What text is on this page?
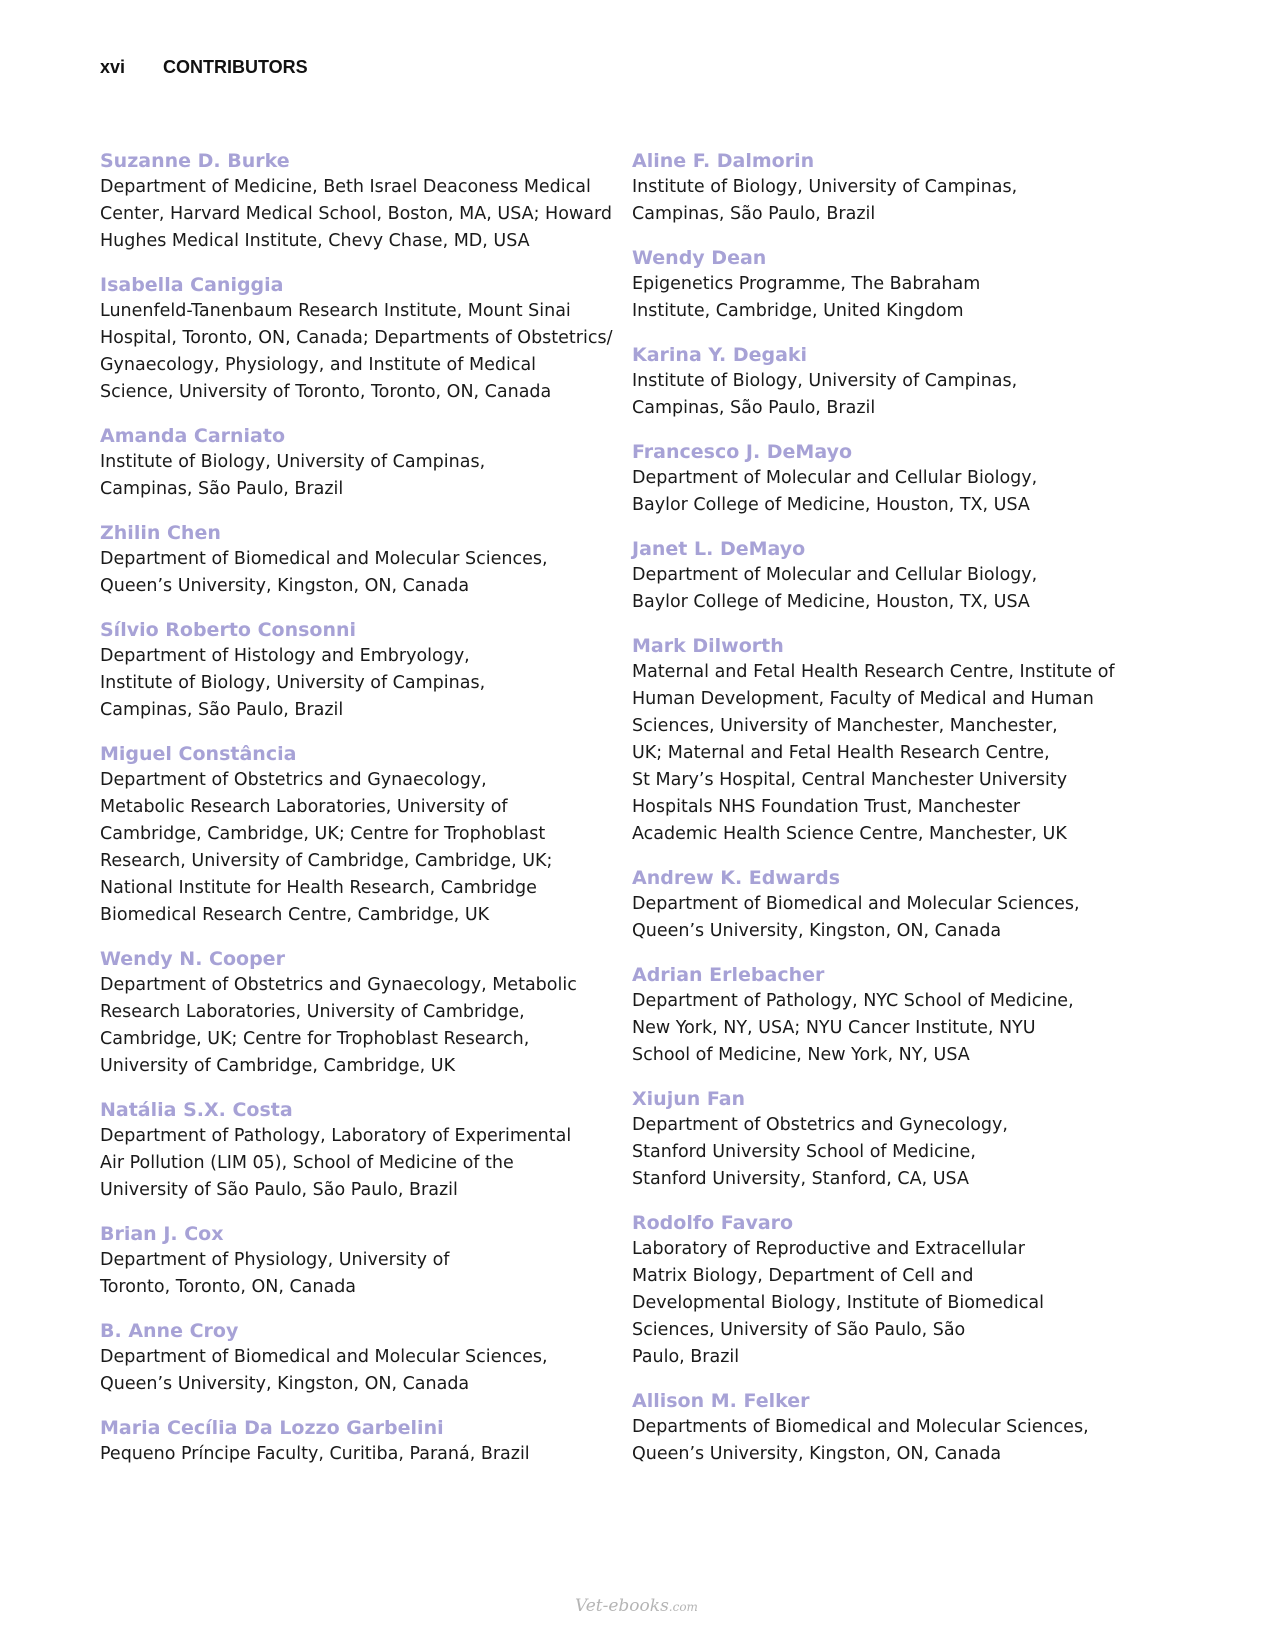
xvi CONTRIBUTORS
Suzanne D. Burke
Department of Medicine, Beth Israel Deaconess Medical
Center, Harvard Medical School, Boston, MA, USA; Howard
Hughes Medical Institute, Chevy Chase, MD, USA
Isabella Caniggia
Lunenfeld-Tanenbaum Research Institute, Mount Sinai
Hospital, Toronto, ON, Canada; Departments of Obstetrics/
Gynaecology, Physiology, and Institute of Medical
Science, University of Toronto, Toronto, ON, Canada
Amanda Carniato
Institute of Biology, University of Campinas,
Campinas, São Paulo, Brazil
Zhilin Chen
Department of Biomedical and Molecular Sciences,
Queen’s University, Kingston, ON, Canada
Sílvio Roberto Consonni
Department of Histology and Embryology,
Institute of Biology, University of Campinas,
Campinas, São Paulo, Brazil
Miguel Constância
Department of Obstetrics and Gynaecology,
Metabolic Research Laboratories, University of
Cambridge, Cambridge, UK; Centre for Trophoblast
Research, University of Cambridge, Cambridge, UK;
National Institute for Health Research, Cambridge
Biomedical Research Centre, Cambridge, UK
Wendy N. Cooper
Department of Obstetrics and Gynaecology, Metabolic
Research Laboratories, University of Cambridge,
Cambridge, UK; Centre for Trophoblast Research,
University of Cambridge, Cambridge, UK
Natália S.X. Costa
Department of Pathology, Laboratory of Experimental
Air Pollution (LIM 05), School of Medicine of the
University of São Paulo, São Paulo, Brazil
Brian J. Cox
Department of Physiology, University of
Toronto, Toronto, ON, Canada
B. Anne Croy
Department of Biomedical and Molecular Sciences,
Queen’s University, Kingston, ON, Canada
Maria Cecília Da Lozzo Garbelini
Pequeno Príncipe Faculty, Curitiba, Paraná, Brazil
Aline F. Dalmorin
Institute of Biology, University of Campinas,
Campinas, São Paulo, Brazil
Wendy Dean
Epigenetics Programme, The Babraham
Institute, Cambridge, United Kingdom
Karina Y. Degaki
Institute of Biology, University of Campinas,
Campinas, São Paulo, Brazil
Francesco J. DeMayo
Department of Molecular and Cellular Biology,
Baylor College of Medicine, Houston, TX, USA
Janet L. DeMayo
Department of Molecular and Cellular Biology,
Baylor College of Medicine, Houston, TX, USA
Mark Dilworth
Maternal and Fetal Health Research Centre, Institute of
Human Development, Faculty of Medical and Human
Sciences, University of Manchester, Manchester,
UK; Maternal and Fetal Health Research Centre,
St Mary’s Hospital, Central Manchester University
Hospitals NHS Foundation Trust, Manchester
Academic Health Science Centre, Manchester, UK
Andrew K. Edwards
Department of Biomedical and Molecular Sciences,
Queen’s University, Kingston, ON, Canada
Adrian Erlebacher
Department of Pathology, NYC School of Medicine,
New York, NY, USA; NYU Cancer Institute, NYU
School of Medicine, New York, NY, USA
Xiujun Fan
Department of Obstetrics and Gynecology,
Stanford University School of Medicine,
Stanford University, Stanford, CA, USA
Rodolfo Favaro
Laboratory of Reproductive and Extracellular
Matrix Biology, Department of Cell and
Developmental Biology, Institute of Biomedical
Sciences, University of São Paulo, São
Paulo, Brazil
Allison M. Felker
Departments of Biomedical and Molecular Sciences,
Queen’s University, Kingston, ON, Canada
Vet-ebooks.com
